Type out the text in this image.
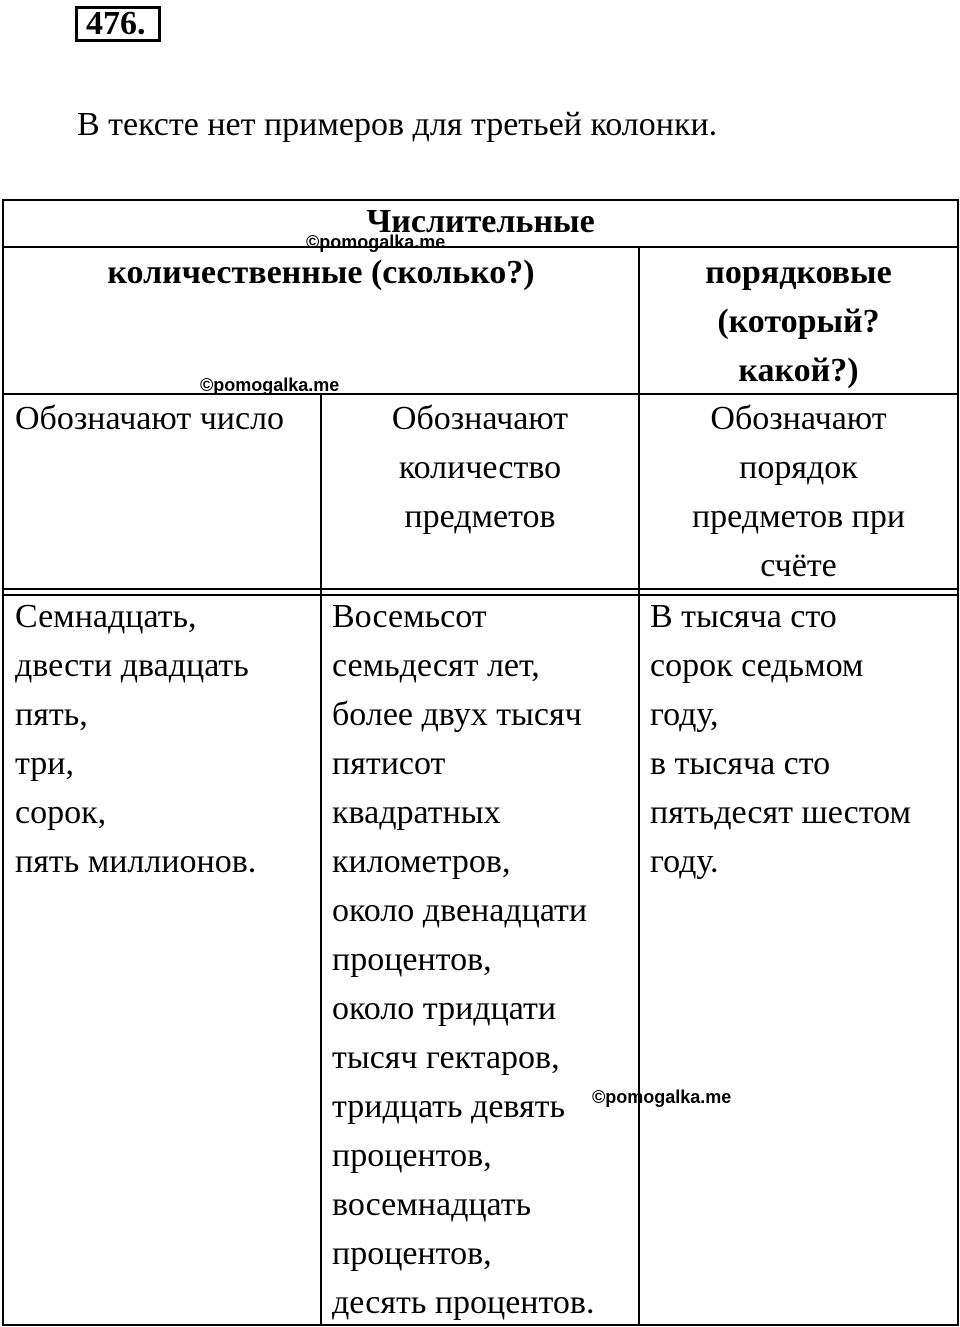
476.
В тексте нет примеров для третьей колонки.
Числительные
количественные (сколько?)	порядковые
(который?
какой?)
Обозначают число	Обозначают
количество
предметов
Обозначают
порядок
предметов при
счёте
Семнадцать,
двести двадцать
пять,
три,
сорок,
пять миллионов.
Восемьсот
семьдесят лет,
более двух тысяч
пятисот
квадратных
километров,
около двенадцати
процентов,
около тридцати
тысяч гектаров,
тридцать девять
процентов,
восемнадцать
процентов,
десять процентов.
В тысяча сто
сорок седьмом
году,
в тысяча сто
пятьдесят шестом
году.
©pomogalka.me
©pomogalka.me
©pomogalka.me
